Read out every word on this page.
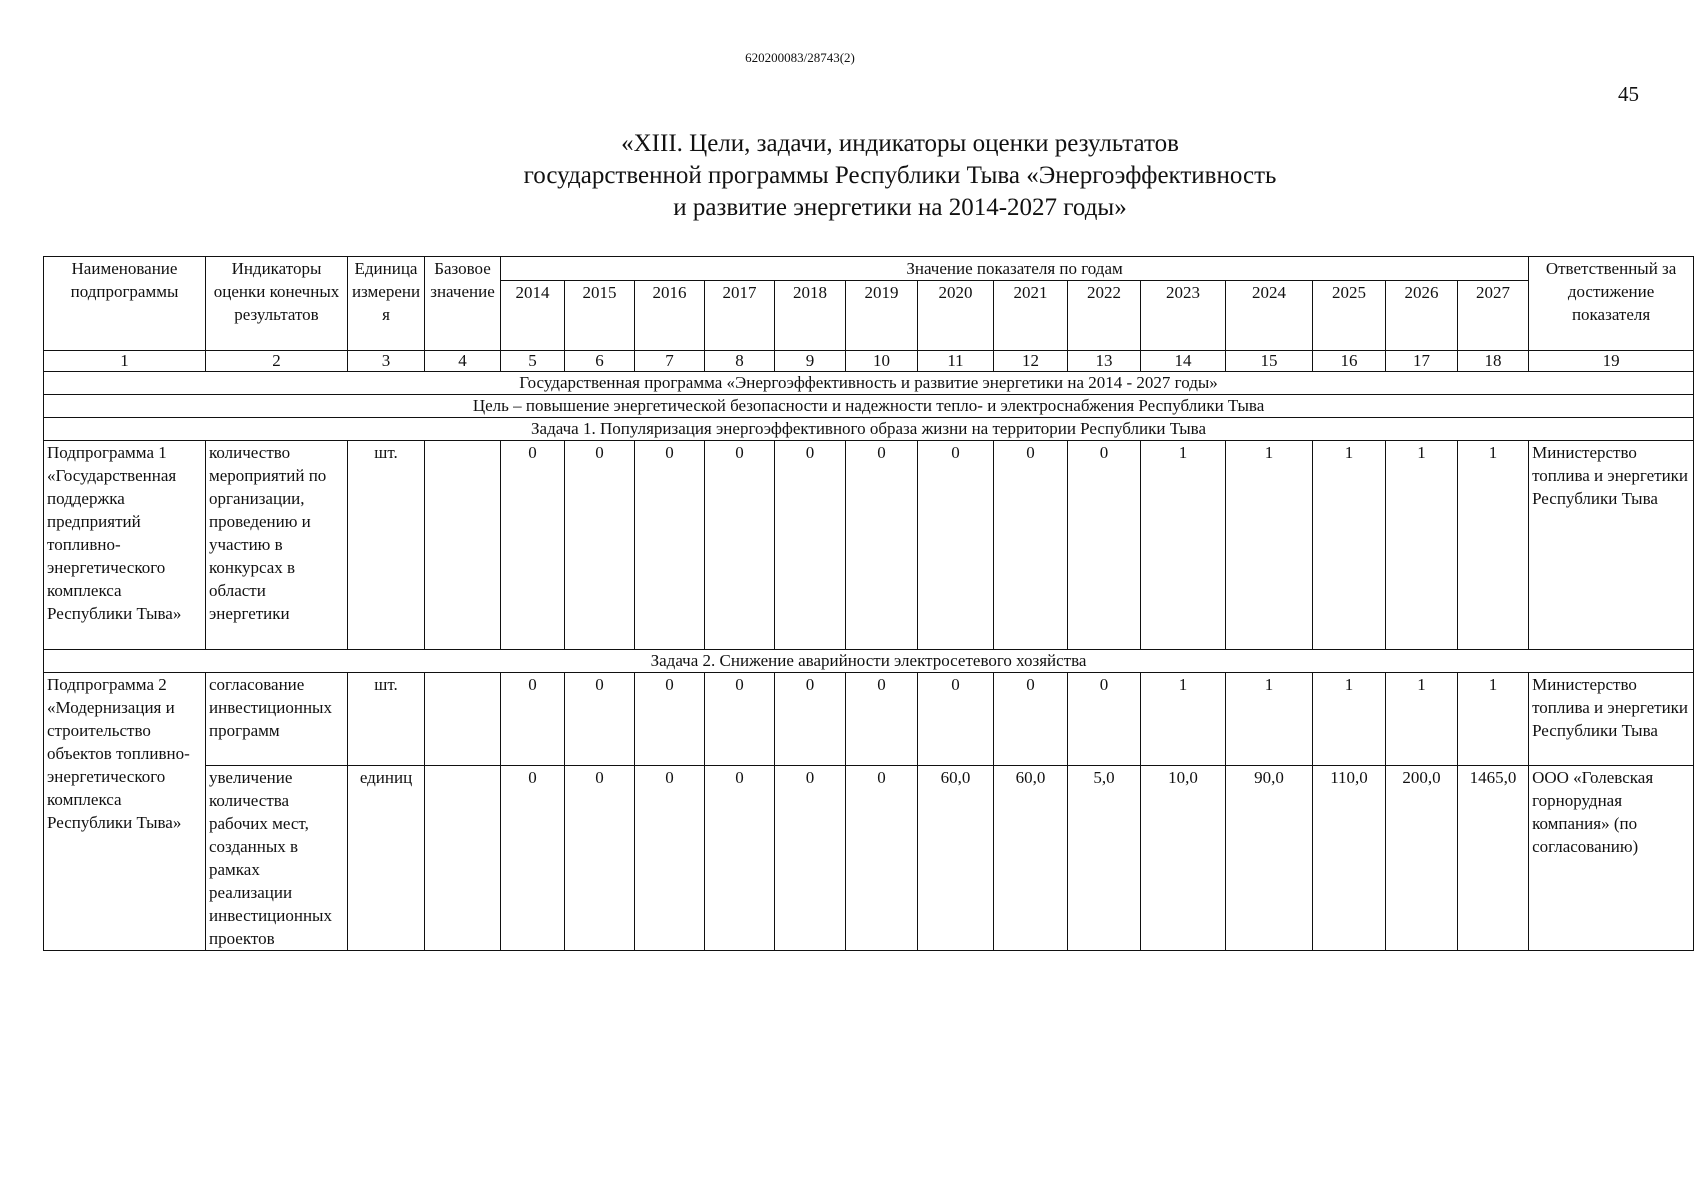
620200083/28743(2)
45
«XIII. Цели, задачи, индикаторы оценки результатов
государственной программы Республики Тыва «Энергоэффективность
и развитие энергетики на 2014-2027 годы»
Наименование подпрограммы	Индикаторы оценки конечных результатов	Единица измерения	Базовое значение	Значение показателя по годам														Ответственный за достижение показателя
				2014	2015	2016	2017	2018	2019	2020	2021	2022	2023	2024	2025	2026	2027	
1	2	3	4	5	6	7	8	9	10	11	12	13	14	15	16	17	18	19
Государственная программа «Энергоэффективность и развитие энергетики на 2014 - 2027 годы»																		
Цель – повышение энергетической безопасности и надежности тепло- и электроснабжения Республики Тыва																		
Задача 1. Популяризация энергоэффективного образа жизни на территории Республики Тыва																		
Подпрограмма 1 «Государственная поддержка предприятий топливно-энергетического комплекса Республики Тыва»	количество мероприятий по организации, проведению и участию в конкурсах в области энергетики	шт.		0	0	0	0	0	0	0	0	0	1	1	1	1	1	Министерство топлива и энергетики Республики Тыва
Задача 2. Снижение аварийности электросетевого хозяйства																		
Подпрограмма 2 «Модернизация и строительство объектов топливно-энергетического комплекса Республики Тыва»	согласование инвестиционных программ	шт.		0	0	0	0	0	0	0	0	0	1	1	1	1	1	Министерство топлива и энергетики Республики Тыва
	увеличение количества рабочих мест, созданных в рамках реализации инвестиционных проектов	единиц		0	0	0	0	0	0	60,0	60,0	5,0	10,0	90,0	110,0	200,0	1465,0	ООО «Голевская горнорудная компания» (по согласованию)
